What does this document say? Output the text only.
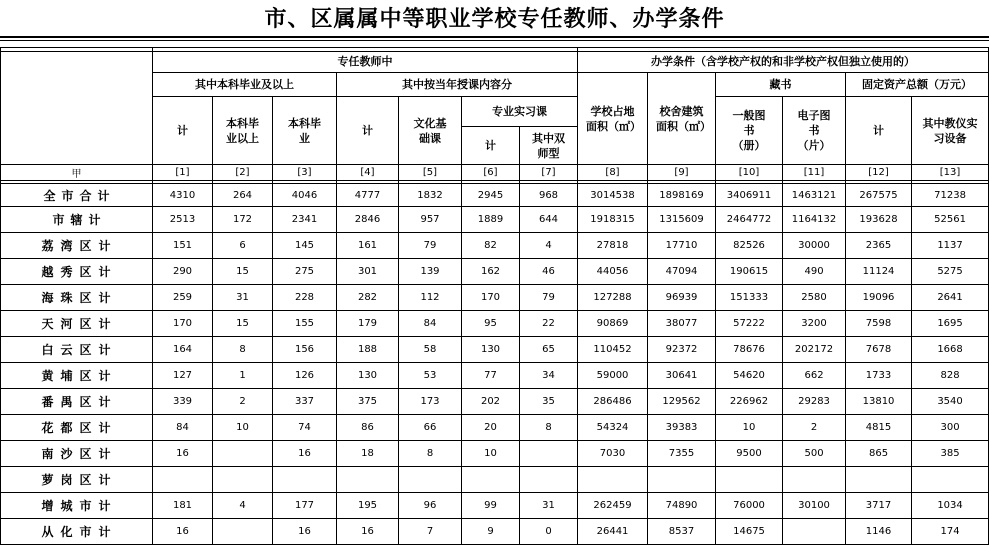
市、区属属中等职业学校专任教师、办学条件

	专任教师中							办学条件（含学校产权的和非学校产权但独立使用的）					
	其中本科毕业及以上			其中按当年授课内容分				学校占地面积（㎡）	校舍建筑面积（㎡）	藏书		固定资产总额（万元）	
	计	本科毕业以上	本科毕业	计	文化基础课	专业实习课				一般图书（册）	电子图书（片）	计	其中教仪实习设备
						计	其中双师型						
甲	[1]	[2]	[3]	[4]	[5]	[6]	[7]	[8]	[9]	[10]	[11]	[12]	[13]

全市合计	4310	264	4046	4777	1832	2945	968	3014538	1898169	3406911	1463121	267575	71238
市辖计	2513	172	2341	2846	957	1889	644	1918315	1315609	2464772	1164132	193628	52561
荔湾区计	151	6	145	161	79	82	4	27818	17710	82526	30000	2365	1137
越秀区计	290	15	275	301	139	162	46	44056	47094	190615	490	11124	5275
海珠区计	259	31	228	282	112	170	79	127288	96939	151333	2580	19096	2641
天河区计	170	15	155	179	84	95	22	90869	38077	57222	3200	7598	1695
白云区计	164	8	156	188	58	130	65	110452	92372	78676	202172	7678	1668
黄埔区计	127	1	126	130	53	77	34	59000	30641	54620	662	1733	828
番禺区计	339	2	337	375	173	202	35	286486	129562	226962	29283	13810	3540
花都区计	84	10	74	86	66	20	8	54324	39383	10	2	4815	300
南沙区计	16		16	18	8	10		7030	7355	9500	500	865	385
萝岗区计													
增城市计	181	4	177	195	96	99	31	262459	74890	76000	30100	3717	1034
从化市计	16		16	16	7	9	0	26441	8537	14675		1146	174
